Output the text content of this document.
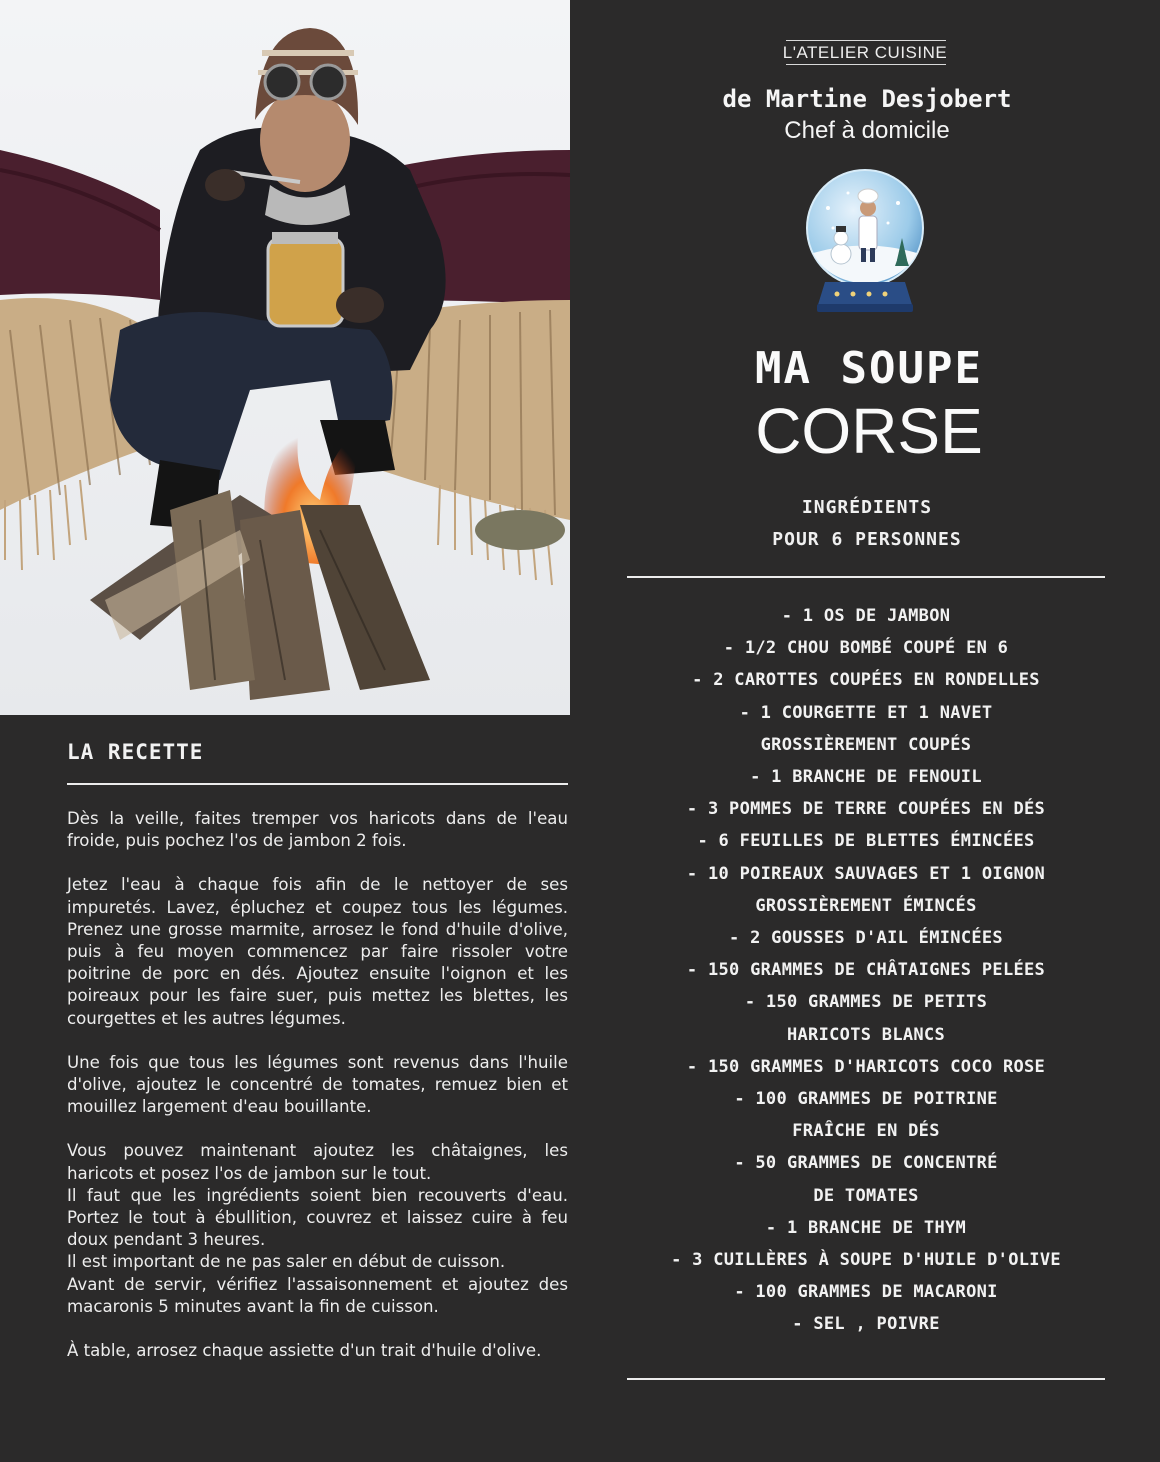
LA RECETTE

Dès la veille, faites tremper vos haricots dans de l'eau froide, puis pochez l'os de jambon 2 fois.

Jetez l'eau à chaque fois afin de le nettoyer de ses impuretés. Lavez, épluchez et coupez tous les légumes. Prenez une grosse marmite, arrosez le fond d'huile d'olive, puis à feu moyen commencez par faire rissoler votre poitrine de porc en dés. Ajoutez ensuite l'oignon et les poireaux pour les faire suer, puis mettez les blettes, les courgettes et les autres légumes.

Une fois que tous les légumes sont revenus dans l'huile d'olive, ajoutez le concentré de tomates, remuez bien et mouillez largement d'eau bouillante.

Vous pouvez maintenant ajoutez les châtaignes, les haricots et posez l'os de jambon sur le tout.

Il faut que les ingrédients soient bien recouverts d'eau. Portez le tout à ébullition, couvrez et laissez cuire à feu doux pendant 3 heures.

Il est important de ne pas saler en début de cuisson.

Avant de servir, vérifiez l'assaisonnement et ajoutez des macaronis 5 minutes avant la fin de cuisson.

À table, arrosez chaque assiette d'un trait d'huile d'olive.

L'ATELIER CUISINE
de Martine Desjobert
Chef à domicile
MA SOUPE
CORSE
INGRÉDIENTS
POUR 6 PERSONNES
- 1 OS DE JAMBON
- 1/2 CHOU BOMBÉ COUPÉ EN 6
- 2 CAROTTES COUPÉES EN RONDELLES
- 1 COURGETTE ET 1 NAVET
GROSSIÈREMENT COUPÉS
- 1 BRANCHE DE FENOUIL
- 3 POMMES DE TERRE COUPÉES EN DÉS
- 6 FEUILLES DE BLETTES ÉMINCÉES
- 10 POIREAUX SAUVAGES ET 1 OIGNON
GROSSIÈREMENT ÉMINCÉS
- 2 GOUSSES D'AIL ÉMINCÉES
- 150 GRAMMES DE CHÂTAIGNES PELÉES
- 150 GRAMMES DE PETITS
HARICOTS BLANCS
- 150 GRAMMES D'HARICOTS COCO ROSE
- 100 GRAMMES DE POITRINE
FRAÎCHE EN DÉS
- 50 GRAMMES DE CONCENTRÉ
DE TOMATES
- 1 BRANCHE DE THYM
- 3 CUILLÈRES À SOUPE D'HUILE D'OLIVE
- 100 GRAMMES DE MACARONI
- SEL , POIVRE
